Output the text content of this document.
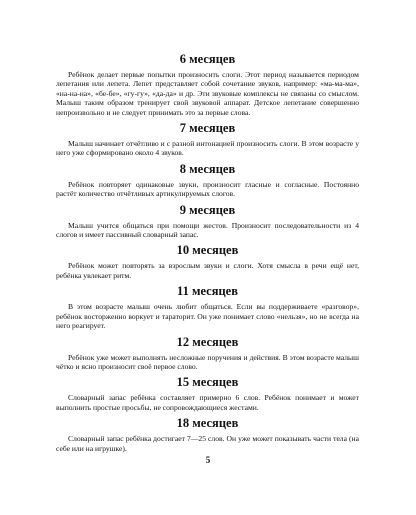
6 месяцев

Ребёнок делает первые попытки произносить слоги. Этот период называется периодом лепетания или лепета. Лепет представляет собой сочетание звуков, например: «ма-ма-ма», «на-на-на», «бе-бе», «гу-гу», «да-да» и др. Эти звуковые комплексы не связаны со смыслом. Малыш таким образом тренирует свой звуковой аппарат. Детское лепетание совершенно непроизвольно и не следует принимать это за первые слова.

7 месяцев

Малыш начинает отчётливо и с разной интонацией произносить слоги. В этом возрасте у него уже сформировано около 4 звуков.

8 месяцев

Ребёнок повторяет одинаковые звуки, произносит гласные и согласные. Постоянно растёт количество отчётливых артикулируемых слогов.

9 месяцев

Малыш учится общаться при помощи жестов. Произносит последовательности из 4 слогов и имеет пассивный словарный запас.

10 месяцев

Ребёнок может повторять за взрослым звуки и слоги. Хотя смысла в речи ещё нет, ребёнка увлекает ритм.

11 месяцев

В этом возрасте малыш очень любит общаться. Если вы поддерживаете «разговор», ребёнок восторженно воркует и тараторит. Он уже понимает слово «нельзя», но не всегда на него реагирует.

12 месяцев

Ребёнок уже может выполнять несложные поручения и действия. В этом возрасте малыш чётко и ясно произносит своё первое слово.

15 месяцев

Словарный запас ребёнка составляет примерно 6 слов. Ребёнок понимает и может выполнить простые просьбы, не сопровождающиеся жестами.

18 месяцев

Словарный запас ребёнка достигает 7—25 слов. Он уже может показывать части тела (на себе или на игрушке).

5
